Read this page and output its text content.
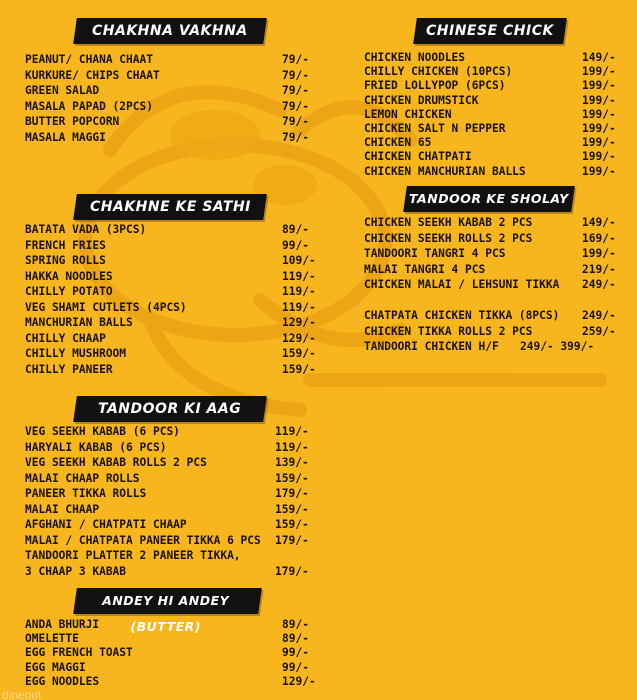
CHAKHNA VAKHNA
PEANUT/ CHANA CHAAT	79/-
KURKURE/ CHIPS CHAAT	79/-
GREEN SALAD	79/-
MASALA PAPAD (2PCS)	79/-
BUTTER POPCORN	79/-
MASALA MAGGI	79/-
CHAKHNE KE SATHI
BATATA VADA (3PCS)	89/-
FRENCH FRIES	99/-
SPRING ROLLS	109/-
HAKKA NOODLES	119/-
CHILLY POTATO	119/-
VEG SHAMI CUTLETS (4PCS)	119/-
MANCHURIAN BALLS	129/-
CHILLY CHAAP	129/-
CHILLY MUSHROOM	159/-
CHILLY PANEER	159/-
TANDOOR KI AAG
VEG SEEKH KABAB (6 PCS)	119/-
HARYALI KABAB (6 PCS)	119/-
VEG SEEKH KABAB ROLLS 2 PCS	139/-
MALAI CHAAP ROLLS	159/-
PANEER TIKKA ROLLS	179/-
MALAI CHAAP	159/-
AFGHANI / CHATPATI CHAAP	159/-
MALAI / CHATPATA PANEER TIKKA 6 PCS 179/-
TANDOORI PLATTER 2 PANEER TIKKA,
3 CHAAP 3 KABAB	179/-
ANDEY HI ANDEY (BUTTER)
ANDA BHURJI	89/-
OMELETTE	89/-
EGG FRENCH TOAST	99/-
EGG MAGGI	99/-
EGG NOODLES	129/-
CHINESE CHICK
CHICKEN NOODLES	149/-
CHILLY CHICKEN (10PCS)	199/-
FRIED LOLLYPOP (6PCS)	199/-
CHICKEN DRUMSTICK	199/-
LEMON CHICKEN	199/-
CHICKEN SALT N PEPPER	199/-
CHICKEN 65	199/-
CHICKEN CHATPATI	199/-
CHICKEN MANCHURIAN BALLS	199/-
TANDOOR KE SHOLAY
CHICKEN SEEKH KABAB 2 PCS	149/-
CHICKEN SEEKH ROLLS 2 PCS	169/-
TANDOORI TANGRI 4 PCS	199/-
MALAI TANGRI 4 PCS	219/-
CHICKEN MALAI / LEHSUNI TIKKA 249/-
CHATPATA CHICKEN TIKKA (8PCS) 249/-
CHICKEN TIKKA ROLLS 2 PCS	259/-
TANDOORI CHICKEN H/F 249/- 399/-
dineout
